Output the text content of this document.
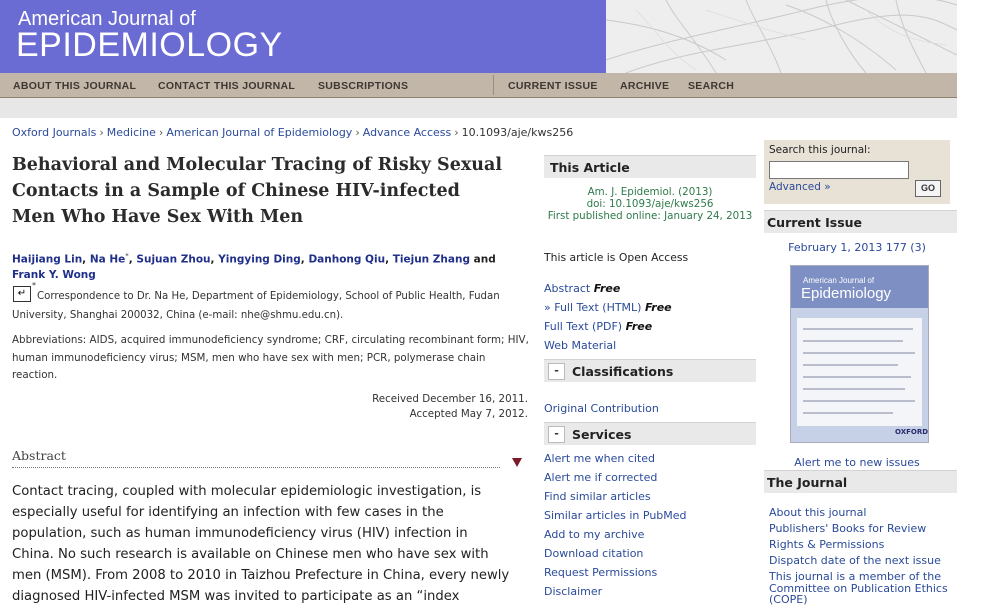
American Journal of
EPIDEMIOLOGY
ABOUT THIS JOURNAL CONTACT THIS JOURNAL SUBSCRIPTIONS	CURRENT ISSUE ARCHIVE SEARCH
Oxford Journals › Medicine › American Journal of Epidemiology › Advance Access › 10.1093/aje/kws256
Behavioral and Molecular Tracing of Risky Sexual Contacts in a Sample of Chinese HIV-infected Men Who Have Sex With Men
Haijiang Lin, Na He*, Sujuan Zhou, Yingying Ding, Danhong Qiu, Tiejun Zhang and Frank Y. Wong
Correspondence to Dr. Na He, Department of Epidemiology, School of Public Health, Fudan University, Shanghai 200032, China (e-mail: nhe@shmu.edu.cn).
↵
*
Abbreviations: AIDS, acquired immunodeficiency syndrome; CRF, circulating recombinant form; HIV, human immunodeficiency virus; MSM, men who have sex with men; PCR, polymerase chain reaction.
Received December 16, 2011.
Accepted May 7, 2012.
Abstract
Contact tracing, coupled with molecular epidemiologic investigation, is especially useful for identifying an infection with few cases in the population, such as human immunodeficiency virus (HIV) infection in China. No such research is available on Chinese men who have sex with men (MSM). From 2008 to 2010 in Taizhou Prefecture in China, every newly diagnosed HIV-infected MSM was invited to participate as an “index
This Article
Am. J. Epidemiol. (2013)
doi: 10.1093/aje/kws256
First published online: January 24, 2013
This article is Open Access
Abstract Free
» Full Text (HTML) Free
Full Text (PDF) Free
Web Material
-	Classifications
Original Contribution
-	Services
Alert me when cited
Alert me if corrected
Find similar articles
Similar articles in PubMed
Add to my archive
Download citation
Request Permissions
Disclaimer
Search this journal:
Advanced »	GO
Current Issue
February 1, 2013 177 (3)
American Journal of
Epidemiology
OXFORD
Alert me to new issues
The Journal
About this journal
Publishers' Books for Review
Rights & Permissions
Dispatch date of the next issue
This journal is a member of the Committee on Publication Ethics (COPE)
